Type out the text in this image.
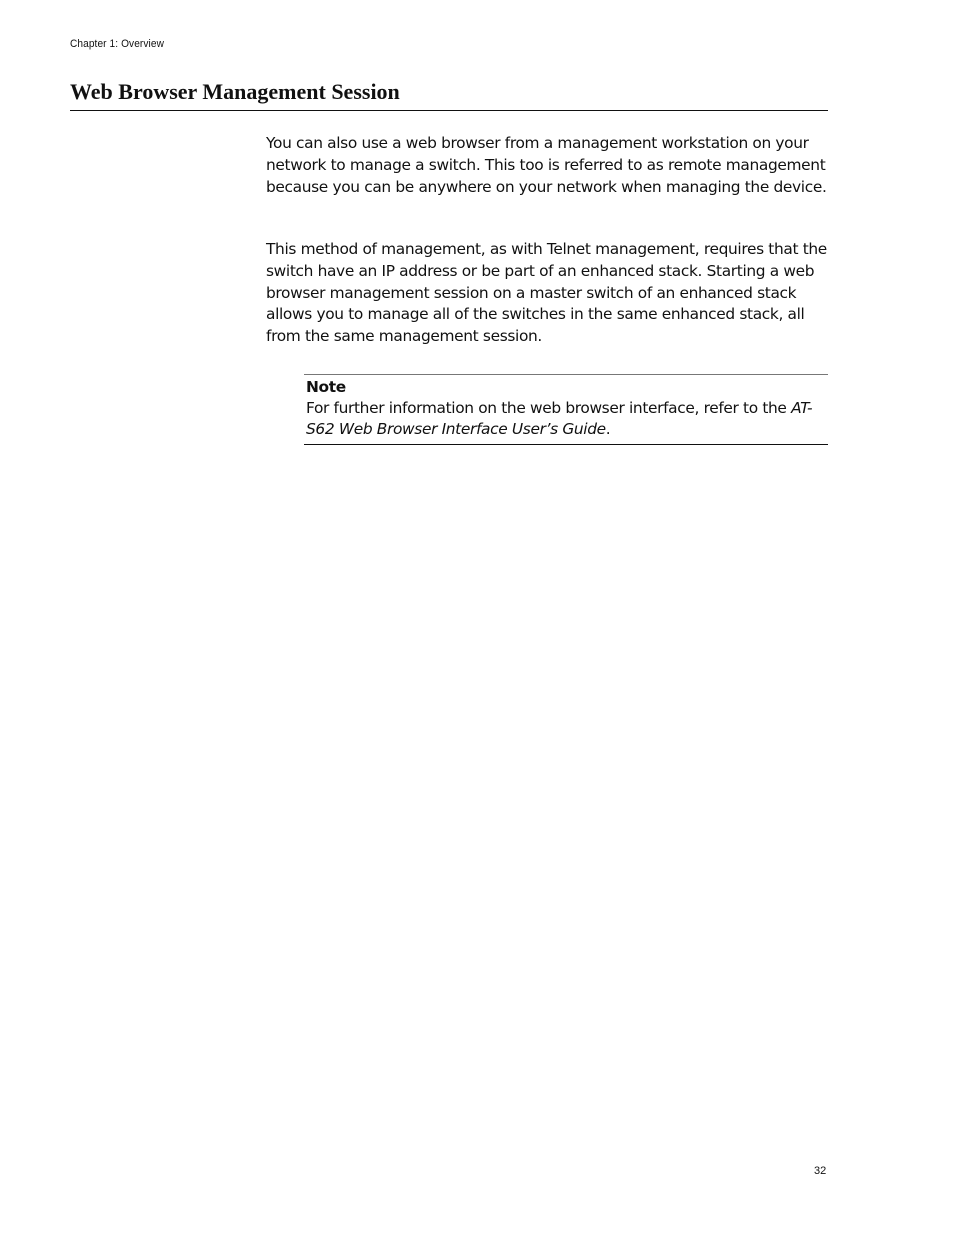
Chapter 1: Overview
Web Browser Management Session

You can also use a web browser from a management workstation on your network to manage a switch. This too is referred to as remote management because you can be anywhere on your network when managing the device.

This method of management, as with Telnet management, requires that the switch have an IP address or be part of an enhanced stack. Starting a web browser management session on a master switch of an enhanced stack allows you to manage all of the switches in the same enhanced stack, all from the same management session.

Note
For further information on the web browser interface, refer to the AT-S62 Web Browser Interface User’s Guide.
32
